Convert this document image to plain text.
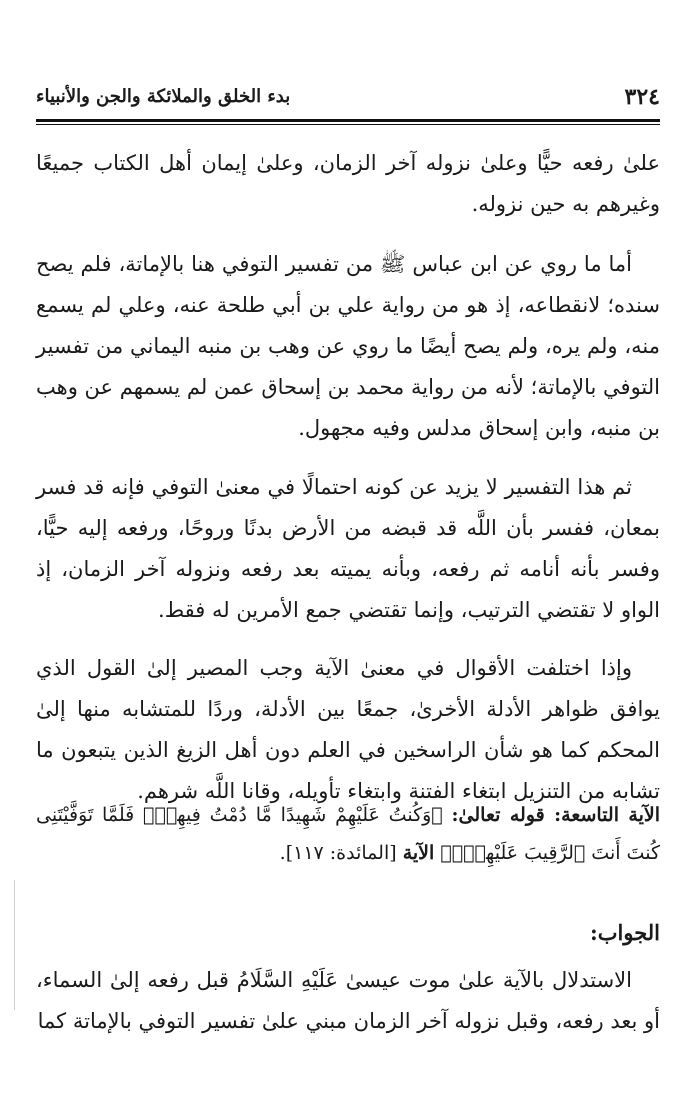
٣٢٤
بدء الخلق والملائكة والجن والأنبياء
علىٰ رفعه حيًّا وعلىٰ نزوله آخر الزمان، وعلىٰ إيمان أهل الكتاب جميعًا وغيرهم به حين نزوله.
أما ما روي عن ابن عباس ﷺ من تفسير التوفي هنا بالإماتة، فلم يصح سنده؛ لانقطاعه، إذ هو من رواية علي بن أبي طلحة عنه، وعلي لم يسمع منه، ولم يره، ولم يصح أيضًا ما روي عن وهب بن منبه اليماني من تفسير التوفي بالإماتة؛ لأنه من رواية محمد بن إسحاق عمن لم يسمهم عن وهب بن منبه، وابن إسحاق مدلس وفيه مجهول.
ثم هذا التفسير لا يزيد عن كونه احتمالًا في معنىٰ التوفي فإنه قد فسر بمعان، ففسر بأن اللَّه قد قبضه من الأرض بدنًا وروحًا، ورفعه إليه حيًّا، وفسر بأنه أنامه ثم رفعه، وبأنه يميته بعد رفعه ونزوله آخر الزمان، إذ الواو لا تقتضي الترتيب، وإنما تقتضي جمع الأمرين له فقط.
وإذا اختلفت الأقوال في معنىٰ الآية وجب المصير إلىٰ القول الذي يوافق ظواهر الأدلة الأخرىٰ، جمعًا بين الأدلة، وردًا للمتشابه منها إلىٰ المحكم كما هو شأن الراسخين في العلم دون أهل الزيغ الذين يتبعون ما تشابه من التنزيل ابتغاء الفتنة وابتغاء تأويله، وقانا اللَّه شرهم.
الآية التاسعة: قوله تعالىٰ: ﴿وَكُنتُ عَلَيْهِمْ شَهِيدًا مَّا دُمْتُ فِيهِمْۖ فَلَمَّا تَوَفَّيْتَنِى كُنتَ أَنتَ ٱلرَّقِيبَ عَلَيْهِمْۚ﴾ الآية [المائدة: ١١٧].
الجواب:
الاستدلال بالآية علىٰ موت عيسىٰ عَلَيْهِ السَّلَامُ قبل رفعه إلىٰ السماء، أو بعد رفعه، وقبل نزوله آخر الزمان مبني علىٰ تفسير التوفي بالإماتة كما
